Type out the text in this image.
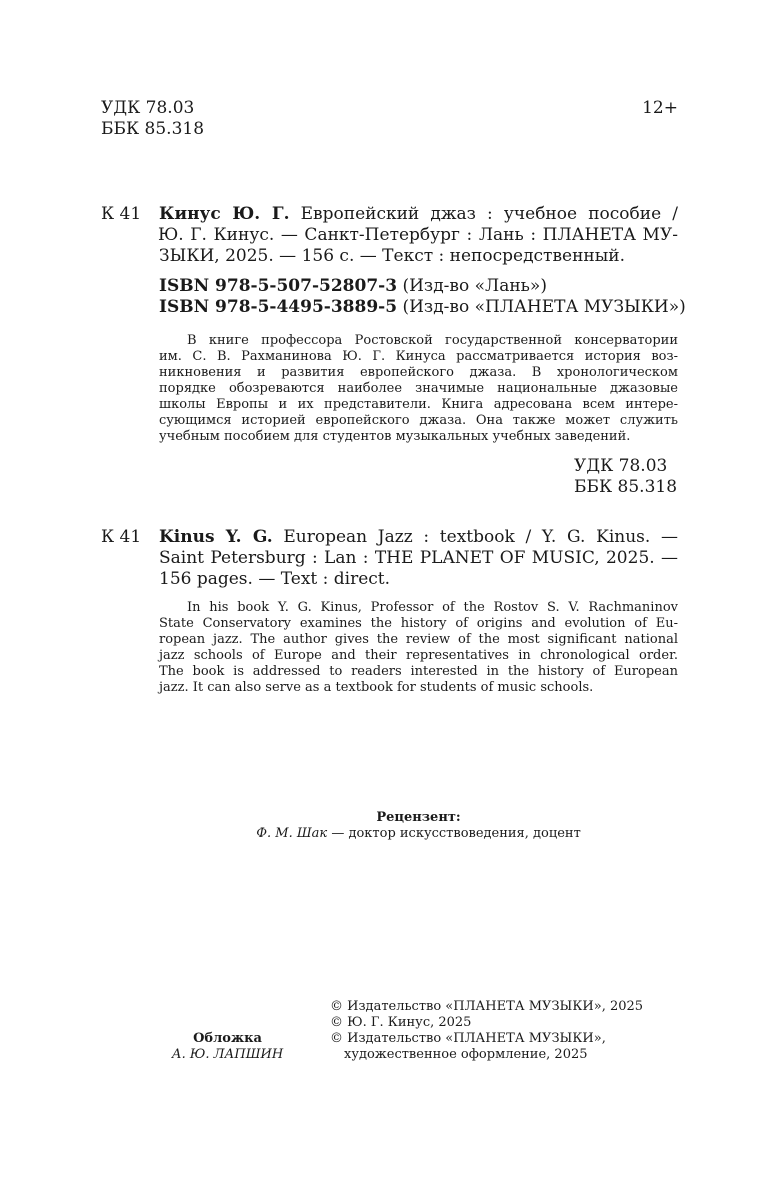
УДК 78.03
ББК 85.318
12+
К 41 Кинус Ю. Г. Европейский джаз : учебное пособие /
Ю. Г. Кинус. — Санкт-Петербург : Лань : ПЛАНЕТА МУ-
ЗЫКИ, 2025. — 156 с. — Текст : непосредственный.
ISBN 978-5-507-52807-3 (Изд-во «Лань»)
ISBN 978-5-4495-3889-5 (Изд-во «ПЛАНЕТА МУЗЫКИ»)
В книге профессора Ростовской государственной консерватории
им. С. В. Рахманинова Ю. Г. Кинуса рассматривается история воз-
никновения и развития европейского джаза. В хронологическом
порядке обозреваются наиболее значимые национальные джазовые
школы Европы и их представители. Книга адресована всем интере-
сующимся историей европейского джаза. Она также может служить
учебным пособием для студентов музыкальных учебных заведений.
УДК 78.03
ББК 85.318
К 41 Kinus Y. G. European Jazz : textbook / Y. G. Kinus. —
Saint Petersburg : Lan : THE PLANET OF MUSIC, 2025. —
156 pages. — Text : direct.
In his book Y. G. Kinus, Professor of the Rostov S. V. Rachmaninov
State Conservatory examines the history of origins and evolution of Eu-
ropean jazz. The author gives the review of the most significant national
jazz schools of Europe and their representatives in chronological order.
The book is addressed to readers interested in the history of European
jazz. It can also serve as a textbook for students of music schools.
Рецензент:
Ф. М. Шак — доктор искусствоведения, доцент
Обложка
А. Ю. ЛАПШИН
© Издательство «ПЛАНЕТА МУЗЫКИ», 2025
© Ю. Г. Кинус, 2025
© Издательство «ПЛАНЕТА МУЗЫКИ»,
художественное оформление, 2025
